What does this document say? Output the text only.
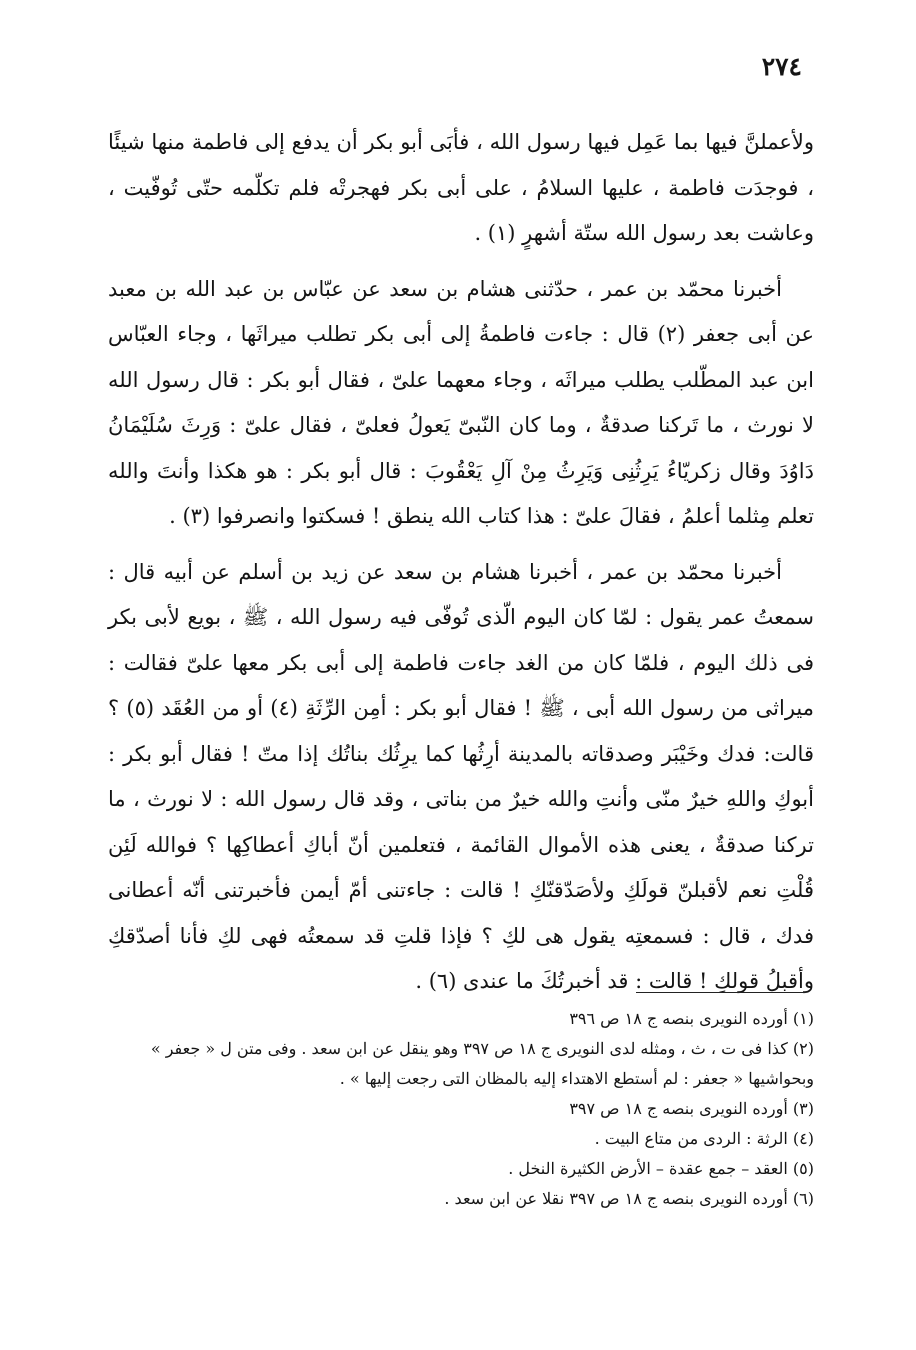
٢٧٤

ولأعملنَّ فيها بما عَمِل فيها رسول الله ، فأبَى أبو بكر أن يدفع إلى فاطمة منها شيئًا ، فوجدَت فاطمة ، عليها السلامُ ، على أبى بكر فهجرتْه فلم تكلّمه حتّى تُوفّيت ، وعاشت بعد رسول الله ستّة أشهرٍ (١) .

أخبرنا محمّد بن عمر ، حدّثنى هشام بن سعد عن عبّاس بن عبد الله بن معبد عن أبى جعفر (٢) قال : جاءت فاطمةُ إلى أبى بكر تطلب ميراثَها ، وجاء العبّاس ابن عبد المطّلب يطلب ميراثَه ، وجاء معهما علىّ ، فقال أبو بكر : قال رسول الله لا نورث ، ما تَركنا صدقةٌ ، وما كان النّبىّ يَعولُ فعلىّ ، فقال علىّ : وَرِثَ سُلَيْمَانُ دَاوُدَ وقال زكريّاءُ يَرِثُنِى وَيَرِثُ مِنْ آلِ يَعْقُوبَ : قال أبو بكر : هو هكذا وأنتَ والله تعلم مِثلما أعلمُ ، فقالَ علىّ : هذا كتاب الله ينطق ! فسكتوا وانصرفوا (٣) .

أخبرنا محمّد بن عمر ، أخبرنا هشام بن سعد عن زيد بن أسلم عن أبيه قال : سمعتُ عمر يقول : لمّا كان اليوم الّذى تُوفّى فيه رسول الله ، ﷺ ، بويع لأبى بكر فى ذلك اليوم ، فلمّا كان من الغد جاءت فاطمة إلى أبى بكر معها علىّ فقالت : ميراثى من رسول الله أبى ، ﷺ ! فقال أبو بكر : أمِن الرِّثَةِ (٤) أو من العُقَد (٥) ؟ قالت: فدك وخَيْبَر وصدقاته بالمدينة أرِثُها كما يرِثُك بناتُك إذا متّ ! فقال أبو بكر : أبوكِ واللهِ خيرٌ منّى وأنتِ والله خيرٌ من بناتى ، وقد قال رسول الله : لا نورث ، ما تركنا صدقةٌ ، يعنى هذه الأموال القائمة ، فتعلمين أنّ أباكِ أعطاكِها ؟ فوالله لَئِن قُلْتِ نعم لأقبلنّ قولَكِ ولأصَدّقنّكِ ! قالت : جاءتنى أمّ أيمن فأخبرتنى أنّه أعطانى فدك ، قال : فسمعتِه يقول هى لكِ ؟ فإذا قلتِ قد سمعتُه فهى لكِ فأنا أصدّقكِ وأقبلُ قولكِ ! قالت : قد أخبرتُكَ ما عندى (٦) .

(١) أورده النويرى بنصه ج ١٨ ص ٣٩٦

(٢) كذا فى ت ، ث ، ومثله لدى النويرى ج ١٨ ص ٣٩٧ وهو ينقل عن ابن سعد . وفى متن ل « جعفر » وبحواشيها « جعفر : لم أستطع الاهتداء إليه بالمظان التى رجعت إليها » .

(٣) أورده النويرى بنصه ج ١٨ ص ٣٩٧

(٤) الرثة : الردى من متاع البيت .

(٥) العقد – جمع عقدة – الأرض الكثيرة النخل .

(٦) أورده النويرى بنصه ج ١٨ ص ٣٩٧ نقلا عن ابن سعد .
